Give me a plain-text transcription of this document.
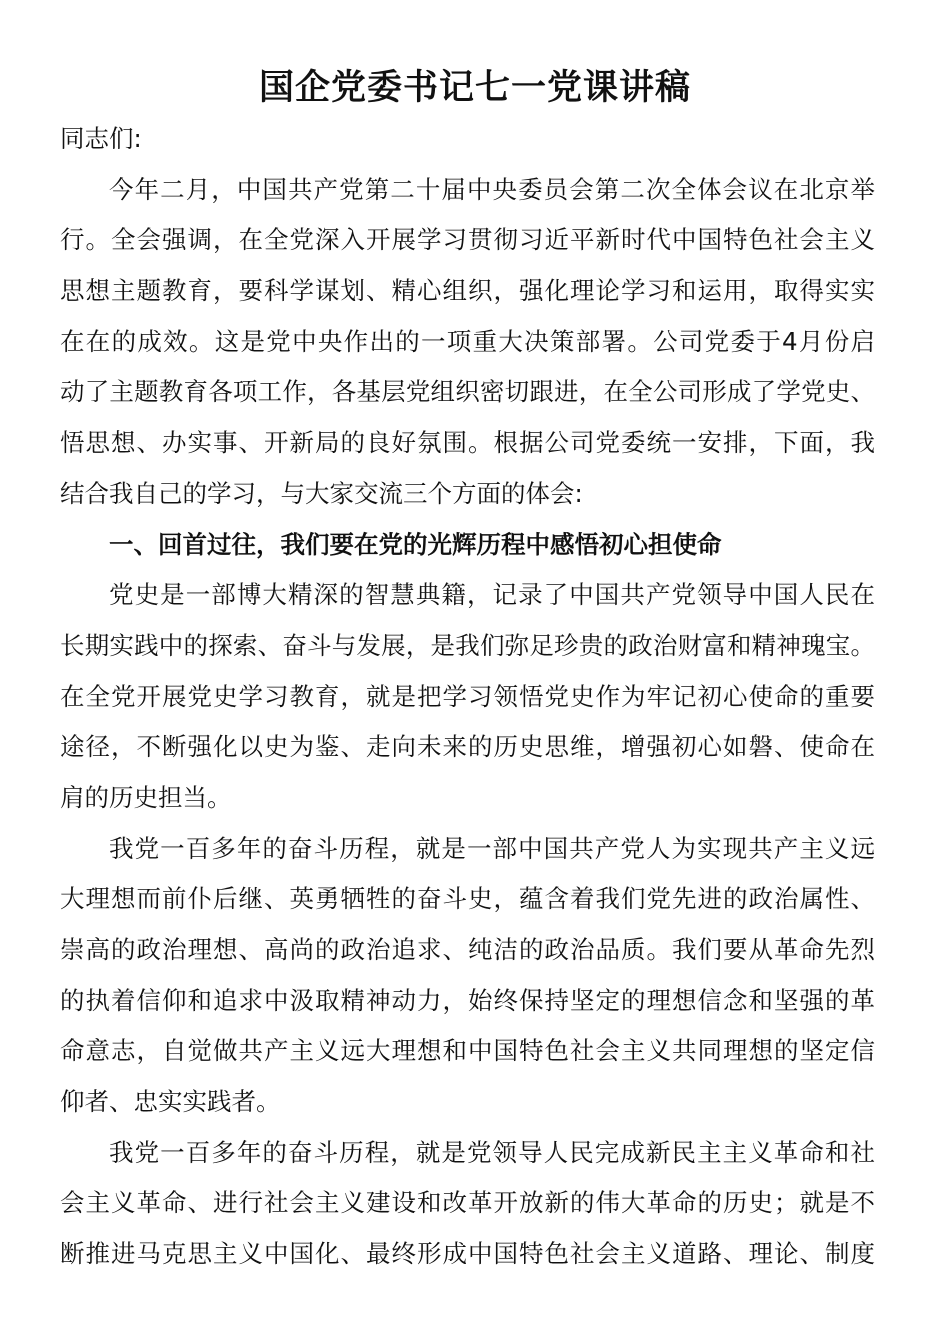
国企党委书记七一党课讲稿
同志们:
今年二月，中国共产党第二十届中央委员会第二次全体会议在北京举
行。全会强调，在全党深入开展学习贯彻习近平新时代中国特色社会主义
思想主题教育，要科学谋划、精心组织，强化理论学习和运用，取得实实
在在的成效。这是党中央作出的一项重大决策部署。公司党委于4月份启
动了主题教育各项工作，各基层党组织密切跟进，在全公司形成了学党史、
悟思想、办实事、开新局的良好氛围。根据公司党委统一安排，下面，我
结合我自己的学习，与大家交流三个方面的体会:
一、回首过往，我们要在党的光辉历程中感悟初心担使命
党史是一部博大精深的智慧典籍，记录了中国共产党领导中国人民在
长期实践中的探索、奋斗与发展，是我们弥足珍贵的政治财富和精神瑰宝。
在全党开展党史学习教育，就是把学习领悟党史作为牢记初心使命的重要
途径，不断强化以史为鉴、走向未来的历史思维，增强初心如磐、使命在
肩的历史担当。
我党一百多年的奋斗历程，就是一部中国共产党人为实现共产主义远
大理想而前仆后继、英勇牺牲的奋斗史，蕴含着我们党先进的政治属性、
崇高的政治理想、高尚的政治追求、纯洁的政治品质。我们要从革命先烈
的执着信仰和追求中汲取精神动力，始终保持坚定的理想信念和坚强的革
命意志，自觉做共产主义远大理想和中国特色社会主义共同理想的坚定信
仰者、忠实实践者。
我党一百多年的奋斗历程，就是党领导人民完成新民主主义革命和社
会主义革命、进行社会主义建设和改革开放新的伟大革命的历史；就是不
断推进马克思主义中国化、最终形成中国特色社会主义道路、理论、制度
